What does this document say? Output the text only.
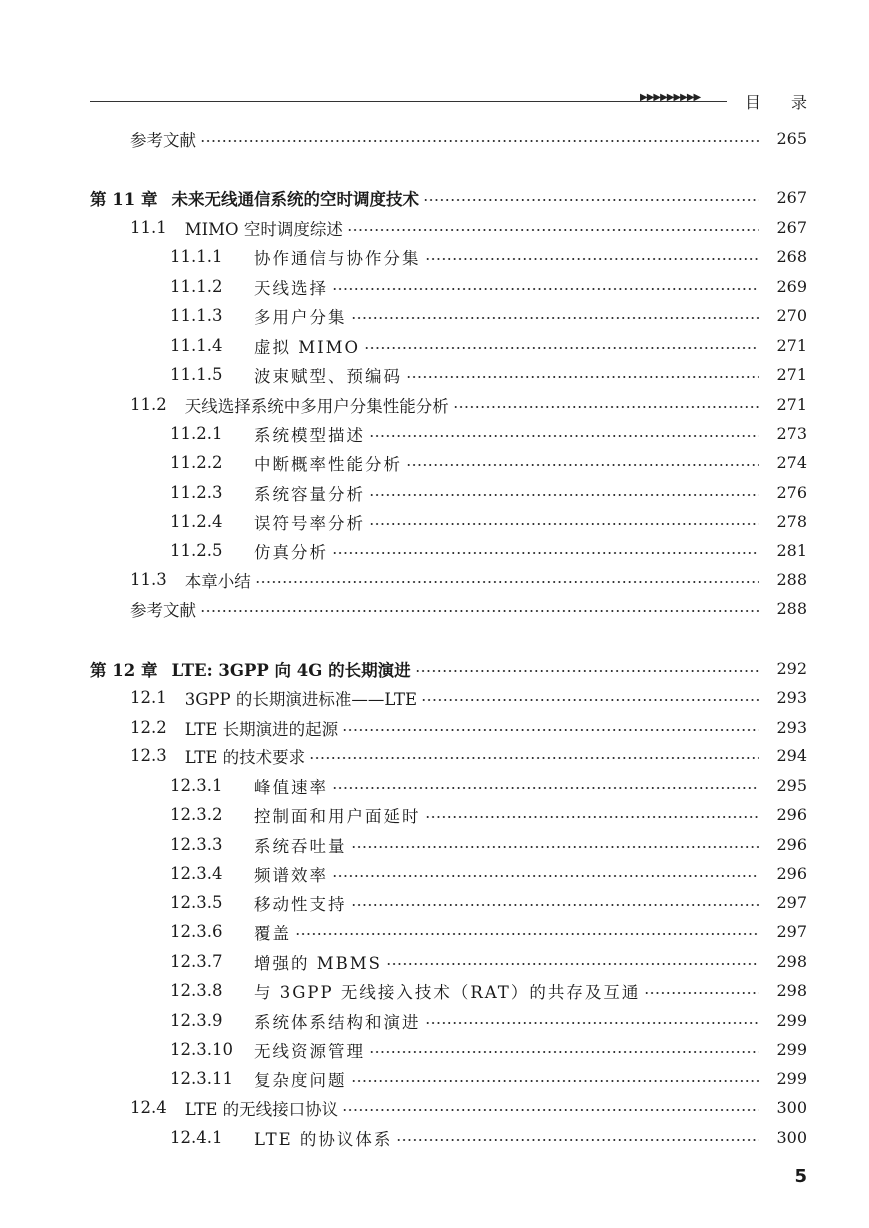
▶▶▶▶▶▶▶▶▶	目录
参考文献	265
第 11 章 未来无线通信系统的空时调度技术	267
11.1 MIMO 空时调度综述	267
11.1.1	协作通信与协作分集	268
11.1.2	天线选择	269
11.1.3	多用户分集	270
11.1.4	虚拟 MIMO	271
11.1.5	波束赋型、预编码	271
11.2 天线选择系统中多用户分集性能分析	271
11.2.1	系统模型描述	273
11.2.2	中断概率性能分析	274
11.2.3	系统容量分析	276
11.2.4	误符号率分析	278
11.2.5	仿真分析	281
11.3 本章小结	288
参考文献	288
第 12 章 LTE: 3GPP 向 4G 的长期演进	292
12.1 3GPP 的长期演进标准——LTE	293
12.2 LTE 长期演进的起源	293
12.3 LTE 的技术要求	294
12.3.1	峰值速率	295
12.3.2	控制面和用户面延时	296
12.3.3	系统吞吐量	296
12.3.4	频谱效率	296
12.3.5	移动性支持	297
12.3.6	覆盖	297
12.3.7	增强的 MBMS	298
12.3.8	与 3GPP 无线接入技术（RAT）的共存及互通	298
12.3.9	系统体系结构和演进	299
12.3.10 无线资源管理	299
12.3.11 复杂度问题	299
12.4 LTE 的无线接口协议	300
12.4.1	LTE 的协议体系	300
5
